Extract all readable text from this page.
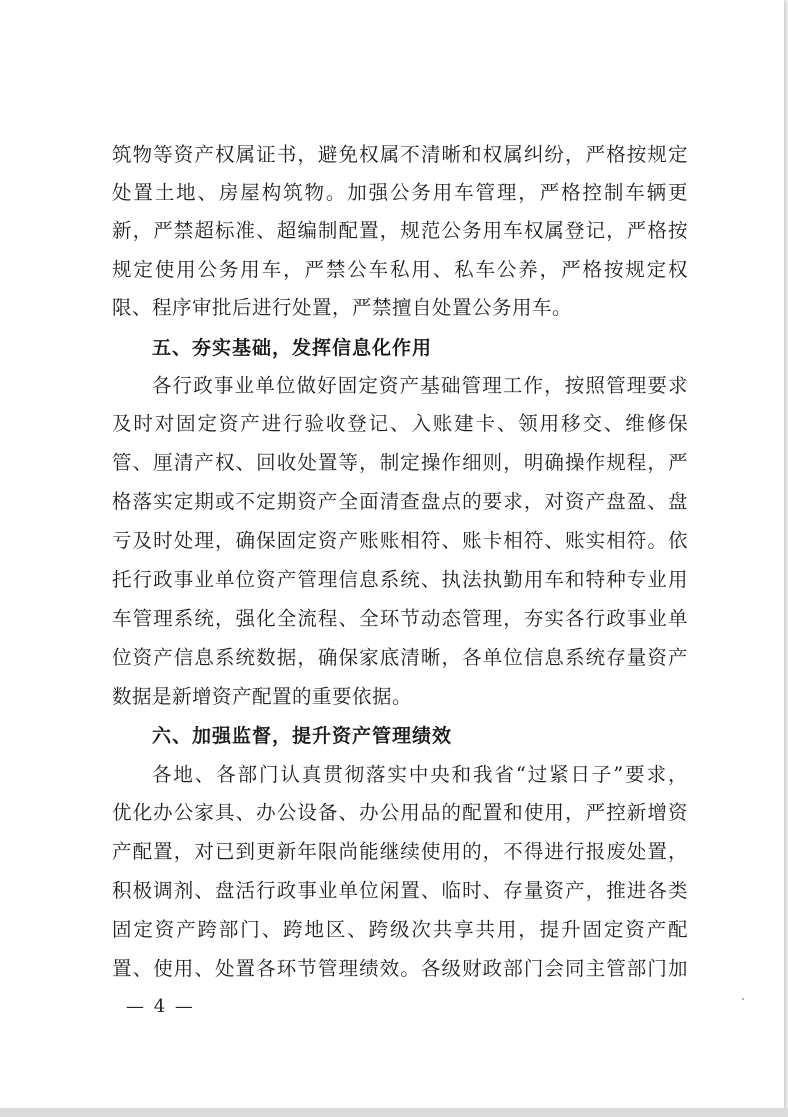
筑物等资产权属证书，避免权属不清晰和权属纠纷，严格按规定
处置土地、房屋构筑物。加强公务用车管理，严格控制车辆更
新，严禁超标准、超编制配置，规范公务用车权属登记，严格按
规定使用公务用车，严禁公车私用、私车公养，严格按规定权
限、程序审批后进行处置，严禁擅自处置公务用车。
五、夯实基础，发挥信息化作用
各行政事业单位做好固定资产基础管理工作，按照管理要求
及时对固定资产进行验收登记、入账建卡、领用移交、维修保
管、厘清产权、回收处置等，制定操作细则，明确操作规程，严
格落实定期或不定期资产全面清查盘点的要求，对资产盘盈、盘
亏及时处理，确保固定资产账账相符、账卡相符、账实相符。依
托行政事业单位资产管理信息系统、执法执勤用车和特种专业用
车管理系统，强化全流程、全环节动态管理，夯实各行政事业单
位资产信息系统数据，确保家底清晰，各单位信息系统存量资产
数据是新增资产配置的重要依据。
六、加强监督，提升资产管理绩效
各地、各部门认真贯彻落实中央和我省“过紧日子”要求，
优化办公家具、办公设备、办公用品的配置和使用，严控新增资
产配置，对已到更新年限尚能继续使用的，不得进行报废处置，
积极调剂、盘活行政事业单位闲置、临时、存量资产，推进各类
固定资产跨部门、跨地区、跨级次共享共用，提升固定资产配
置、使用、处置各环节管理绩效。各级财政部门会同主管部门加
— 4 —
